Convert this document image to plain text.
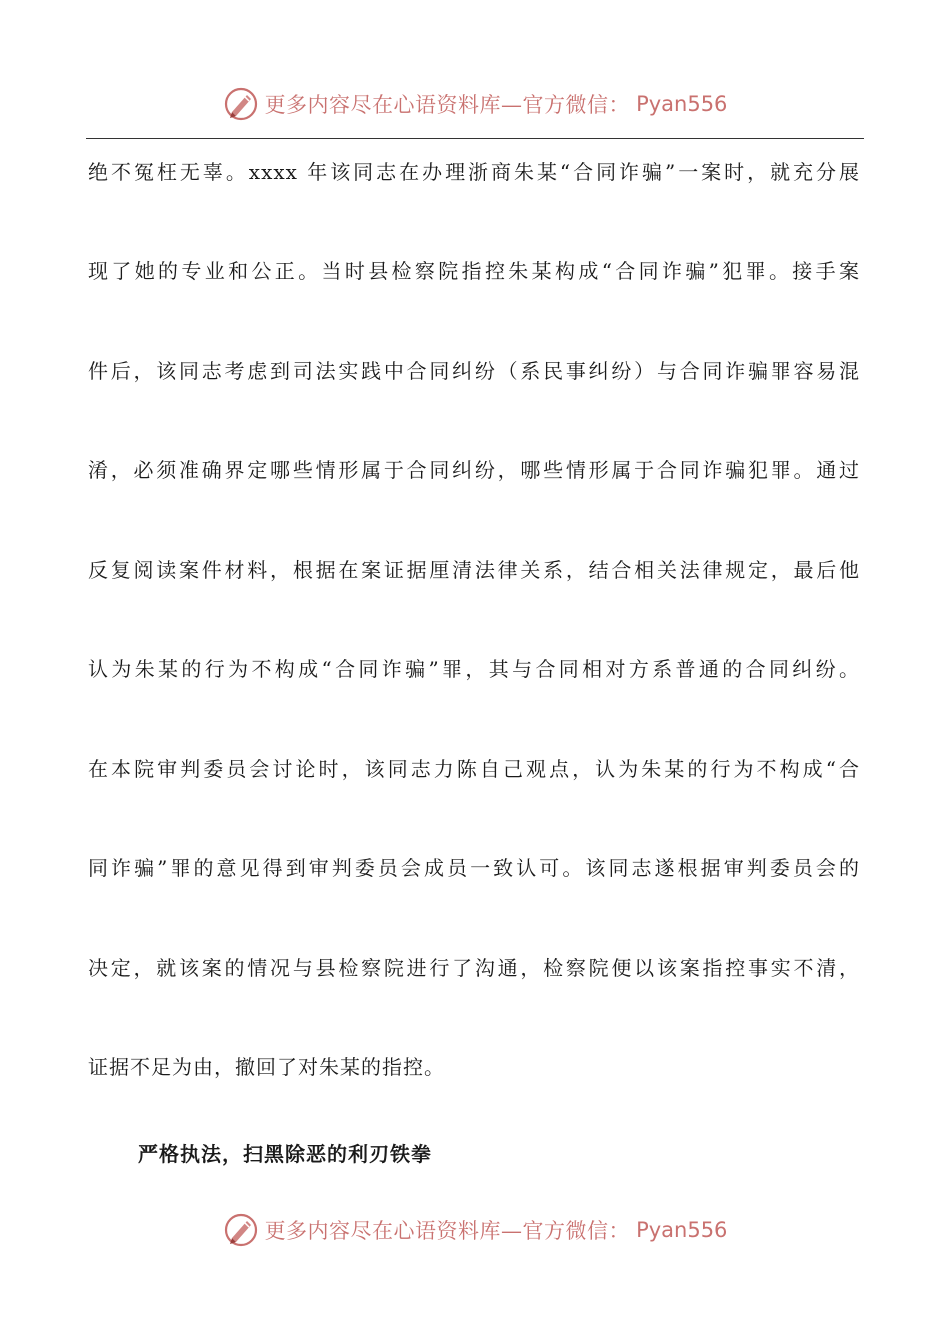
更多内容尽在心语资料库—官方微信： Pyan556
绝不冤枉无辜。xxxx 年该同志在办理浙商朱某“合同诈骗”一案时，就充分展
现了她的专业和公正。当时县检察院指控朱某构成“合同诈骗”犯罪。接手案
件后，该同志考虑到司法实践中合同纠纷（系民事纠纷）与合同诈骗罪容易混
淆，必须准确界定哪些情形属于合同纠纷，哪些情形属于合同诈骗犯罪。通过
反复阅读案件材料，根据在案证据厘清法律关系，结合相关法律规定，最后他
认为朱某的行为不构成“合同诈骗”罪，其与合同相对方系普通的合同纠纷。
在本院审判委员会讨论时，该同志力陈自己观点，认为朱某的行为不构成“合
同诈骗”罪的意见得到审判委员会成员一致认可。该同志遂根据审判委员会的
决定，就该案的情况与县检察院进行了沟通，检察院便以该案指控事实不清，
证据不足为由，撤回了对朱某的指控。
严格执法，扫黑除恶的利刃铁拳
更多内容尽在心语资料库—官方微信： Pyan556
